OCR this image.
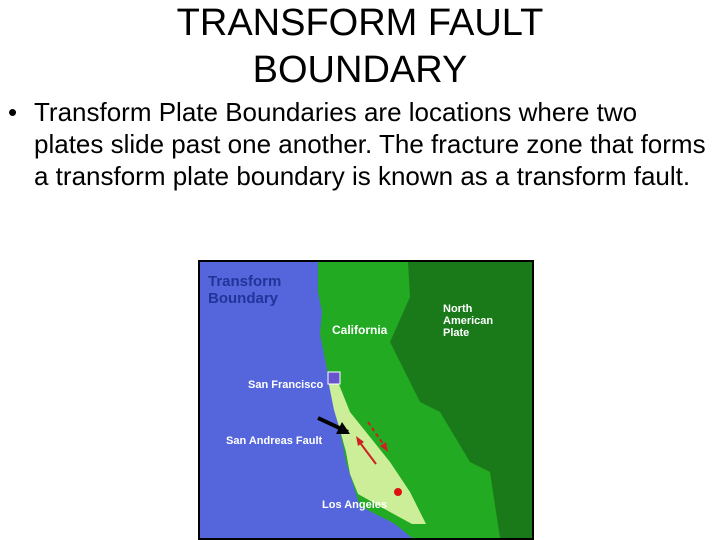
TRANSFORM FAULT
BOUNDARY
• Transform Plate Boundaries are locations where two plates slide past one another. The fracture zone that forms a transform plate boundary is known as a transform fault.
Transform
Boundary
California
North
American
Plate
San Francisco
San Andreas Fault
Los Angeles
